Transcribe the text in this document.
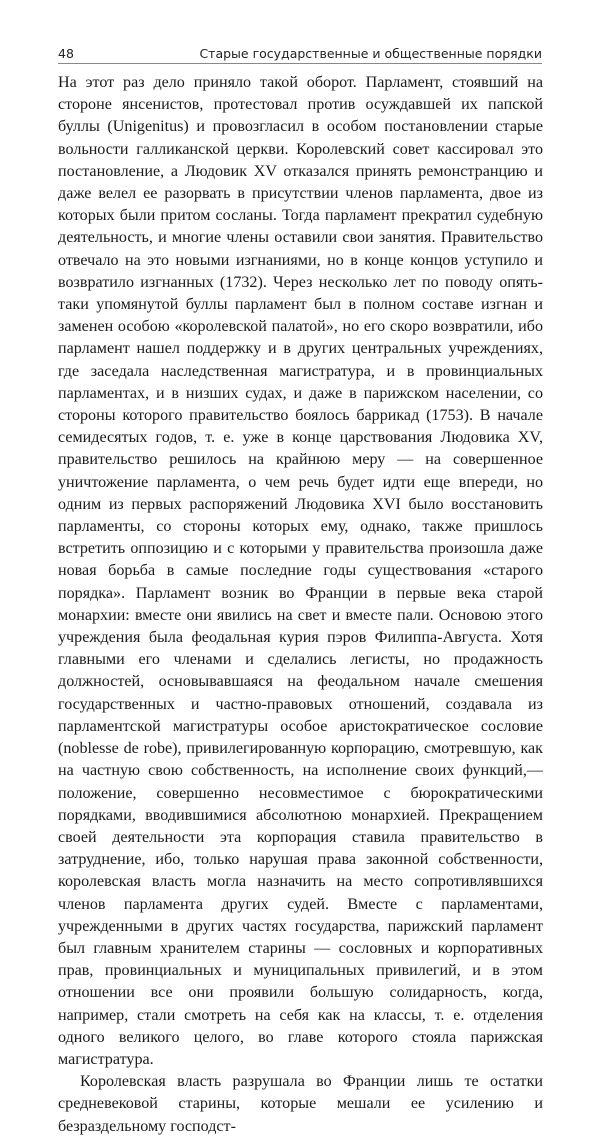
48	Старые государственные и общественные порядки

На этот раз дело приняло такой оборот. Парламент, стоявший на стороне янсенистов, протестовал против осуждавшей их папской буллы (Unigenitus) и провозгласил в особом постановлении старые вольности галликанской церкви. Королевский совет кассировал это постановление, а Людовик XV отказался принять ремонстранцию и даже велел ее разорвать в присутствии членов парламента, двое из которых были притом сосланы. Тогда парламент прекратил судебную деятельность, и многие члены оставили свои занятия. Правительство отвечало на это новыми изгнаниями, но в конце концов уступило и возвратило изгнанных (1732). Через несколько лет по поводу опять-таки упомянутой буллы парламент был в полном составе изгнан и заменен особою «королевской палатой», но его скоро возвратили, ибо парламент нашел поддержку и в других центральных учреждениях, где заседала наследственная магистратура, и в провинциальных парламентах, и в низших судах, и даже в парижском населении, со стороны которого правительство боялось баррикад (1753). В начале семидесятых годов, т. е. уже в конце царствования Людовика XV, правительство решилось на крайнюю меру — на совершенное уничтожение парламента, о чем речь будет идти еще впереди, но одним из первых распоряжений Людовика XVI было восстановить парламенты, со стороны которых ему, однако, также пришлось встретить оппозицию и с которыми у правительства произошла даже новая борьба в самые последние годы существования «старого порядка». Парламент возник во Франции в первые века старой монархии: вместе они явились на свет и вместе пали. Основою этого учреждения была феодальная курия пэров Филиппа-Августа. Хотя главными его членами и сделались легисты, но продажность должностей, основывавшаяся на феодальном начале смешения государственных и частно-правовых отношений, создавала из парламентской магистратуры особое аристократическое сословие (noblesse de robe), привилегированную корпорацию, смотревшую, как на частную свою собственность, на исполнение своих функций,—положение, совершенно несовместимое с бюрократическими порядками, вводившимися абсолютною монархией. Прекращением своей деятельности эта корпорация ставила правительство в затруднение, ибо, только нарушая права законной собственности, королевская власть могла назначить на место сопротивлявшихся членов парламента других судей. Вместе с парламентами, учрежденными в других частях государства, парижский парламент был главным хранителем старины — сословных и корпоративных прав, провинциальных и муниципальных привилегий, и в этом отношении все они проявили большую солидарность, когда, например, стали смотреть на себя как на классы, т. е. отделения одного великого целого, во главе которого стояла парижская магистратура.

Королевская власть разрушала во Франции лишь те остатки средневековой старины, которые мешали ее усилению и безраздельному господст-
